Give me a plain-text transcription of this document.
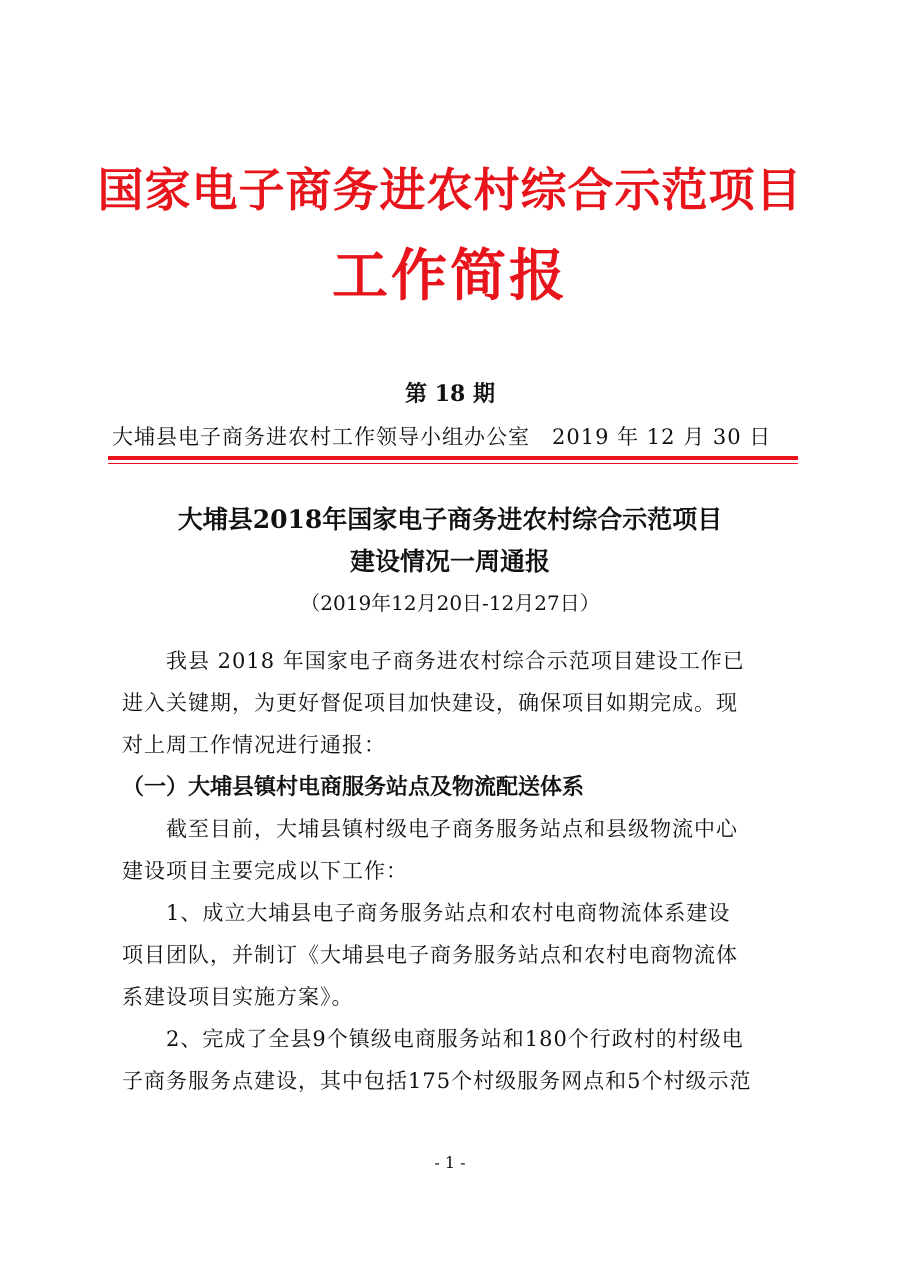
国家电子商务进农村综合示范项目
工作简报
第 18 期
大埔县电子商务进农村工作领导小组办公室　2019 年 12 月 30 日
大埔县2018年国家电子商务进农村综合示范项目
建设情况一周通报
（2019年12月20日-12月27日）
　　我县 2018 年国家电子商务进农村综合示范项目建设工作已
进入关键期，为更好督促项目加快建设，确保项目如期完成。现
对上周工作情况进行通报：
（一）大埔县镇村电商服务站点及物流配送体系
　　截至目前，大埔县镇村级电子商务服务站点和县级物流中心
建设项目主要完成以下工作：
　　1、成立大埔县电子商务服务站点和农村电商物流体系建设
项目团队，并制订《大埔县电子商务服务站点和农村电商物流体
系建设项目实施方案》。
　　2、完成了全县9个镇级电商服务站和180个行政村的村级电
子商务服务点建设，其中包括175个村级服务网点和5个村级示范
- 1 -
